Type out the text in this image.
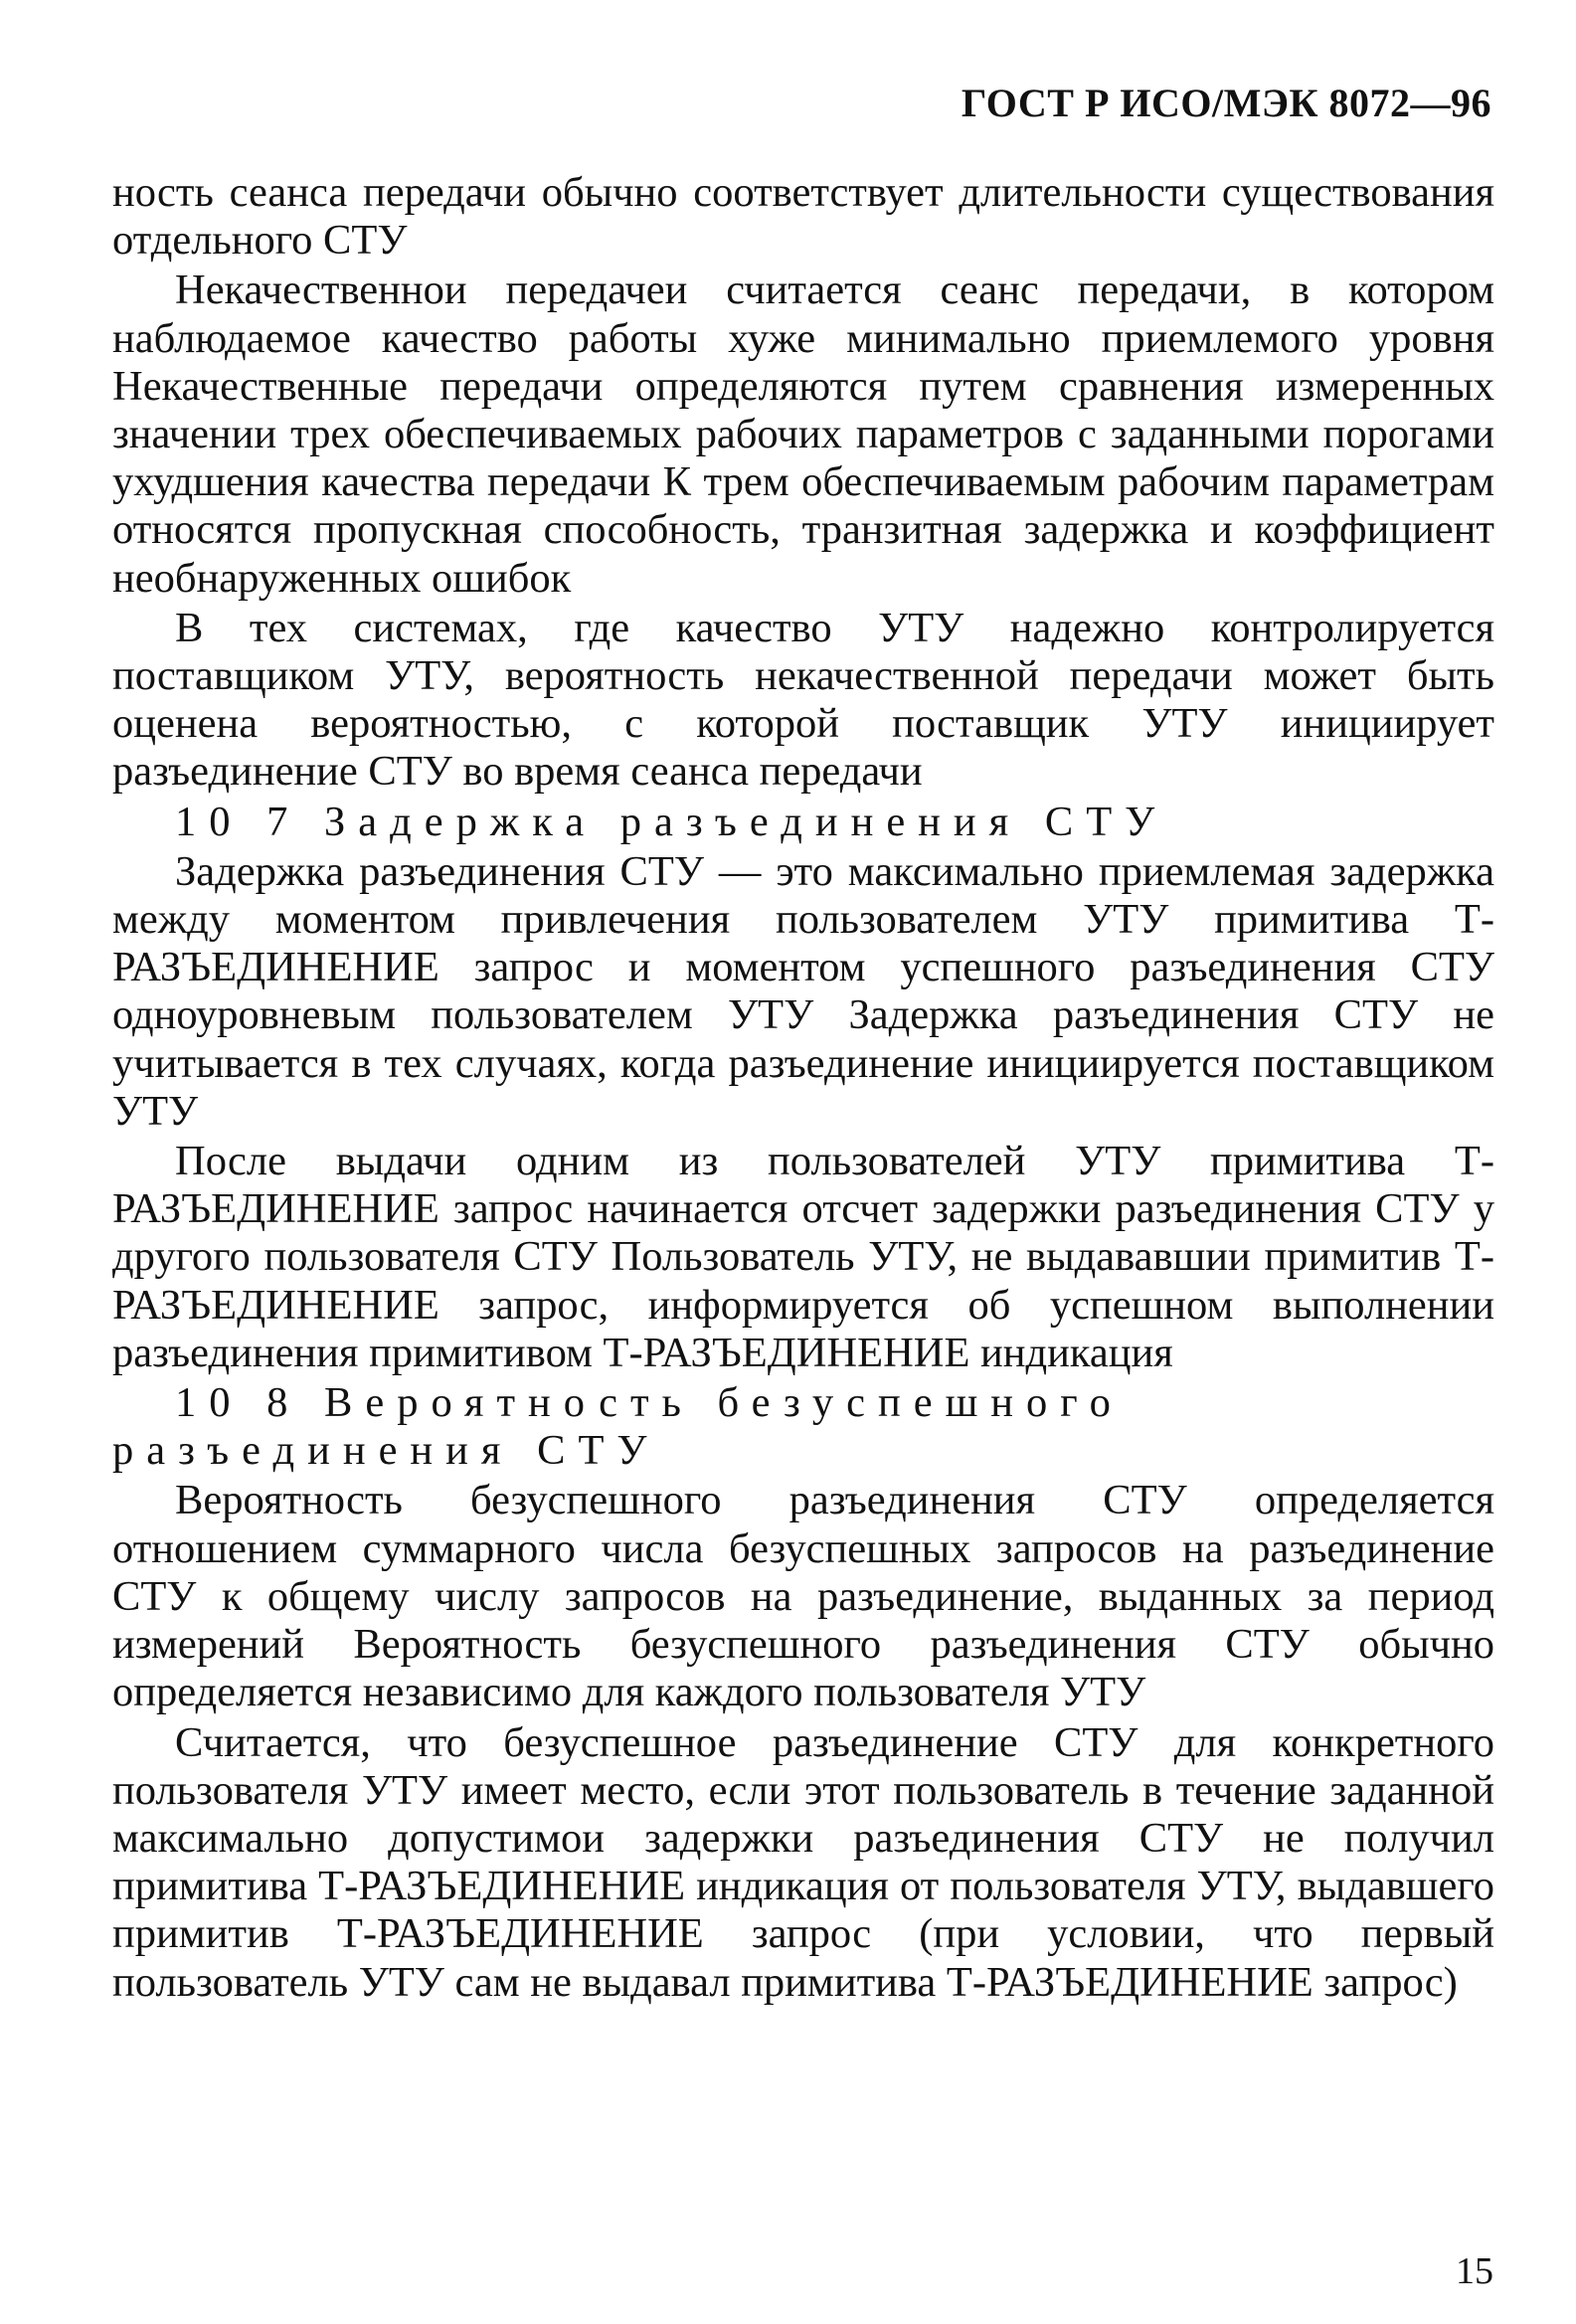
ГОСТ Р ИСО/МЭК 8072—96

ность сеанса передачи обычно соответствует длительности существования отдельного СТУ

Некачественнои передачеи считается сеанс передачи, в котором наблюдаемое качество работы хуже минимально приемлемого уровня Некачественные передачи определяются путем сравнения измеренных значении трех обеспечиваемых рабочих параметров с заданными порогами ухудшения качества передачи К трем обеспечиваемым рабочим параметрам относятся пропускная способность, транзитная задержка и коэффициент необнаруженных ошибок

В тех системах, где качество УТУ надежно контролируется поставщиком УТУ, вероятность некачественной передачи может быть оценена вероятностью, с которой поставщик УТУ инициирует разъединение СТУ во время сеанса передачи

10 7 Задержка разъединения СТУ

Задержка разъединения СТУ — это максимально приемлемая задержка между моментом привлечения пользователем УТУ примитива Т-РАЗЪЕДИНЕНИЕ запрос и моментом успешного разъединения СТУ одноуровневым пользователем УТУ Задержка разъединения СТУ не учитывается в тех случаях, когда разъединение инициируется поставщиком УТУ

После выдачи одним из пользователей УТУ примитива Т-РАЗЪЕДИНЕНИЕ запрос начинается отсчет задержки разъединения СТУ у другого пользователя СТУ Пользователь УТУ, не выдававшии примитив Т-РАЗЪЕДИНЕНИЕ запрос, информируется об успешном выполнении разъединения примитивом Т-РАЗЪЕДИНЕНИЕ индикация

10 8 Вероятность безуспешного разъединения СТУ

Вероятность безуспешного разъединения СТУ определяется отношением суммарного числа безуспешных запросов на разъединение СТУ к общему числу запросов на разъединение, выданных за период измерений Вероятность безуспешного разъединения СТУ обычно определяется независимо для каждого пользователя УТУ

Считается, что безуспешное разъединение СТУ для конкретного пользователя УТУ имеет место, если этот пользователь в течение заданной максимально допустимои задержки разъединения СТУ не получил примитива Т-РАЗЪЕДИНЕНИЕ индикация от пользователя УТУ, выдавшего примитив Т-РАЗЪЕДИНЕНИЕ запрос (при условии, что первый пользователь УТУ сам не выдавал примитива Т-РАЗЪЕДИНЕНИЕ запрос)

15
